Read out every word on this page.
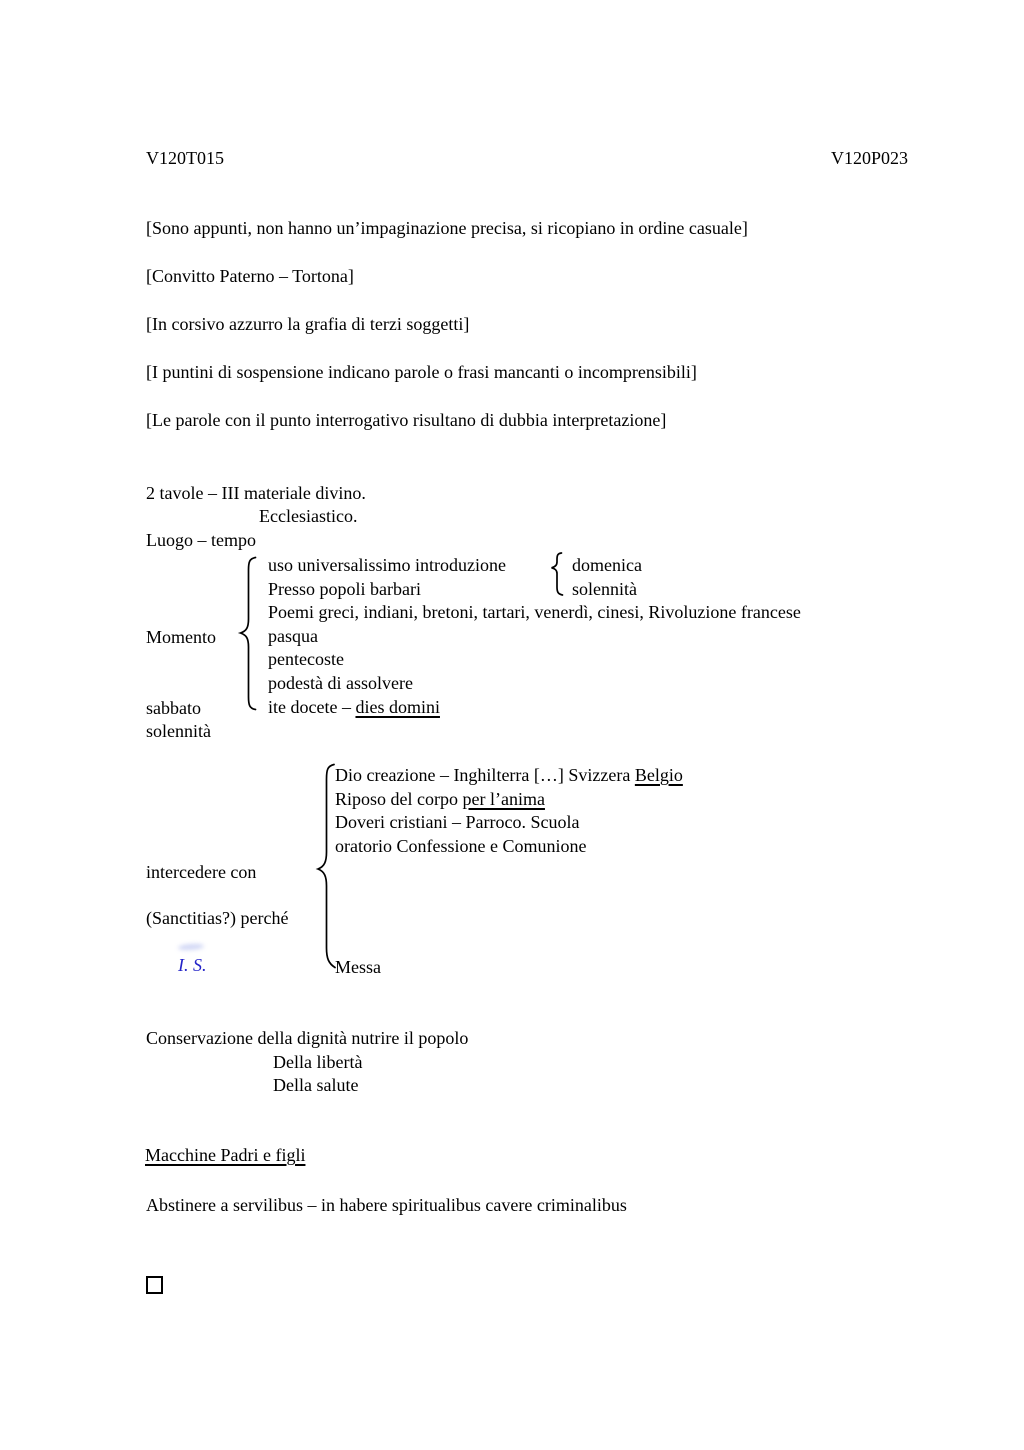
V120T015	V120P023
[Sono appunti, non hanno un’impaginazione precisa, si ricopiano in ordine casuale]
[Convitto Paterno – Tortona]
[In corsivo azzurro la grafia di terzi soggetti]
[I puntini di sospensione indicano parole o frasi mancanti o incomprensibili]
[Le parole con il punto interrogativo risultano di dubbia interpretazione]
2 tavole – III materiale divino.
Ecclesiastico.
Luogo – tempo
Momento
sabbato
solennità
uso universalissimo introduzione
Presso popoli barbari
Poemi greci, indiani, bretoni, tartari, venerdì, cinesi, Rivoluzione francese
pasqua
pentecoste
podestà di assolvere
ite docete – dies domini
domenica
solennità
intercedere con
(Sanctitias?) perché
I. S.
Dio creazione – Inghilterra […] Svizzera Belgio
Riposo del corpo per l’anima
Doveri cristiani – Parroco. Scuola
oratorio Confessione e Comunione
Messa
Conservazione della dignità nutrire il popolo
Della libertà
Della salute
Macchine Padri e figli
Abstinere a servilibus – in habere spiritualibus cavere criminalibus
